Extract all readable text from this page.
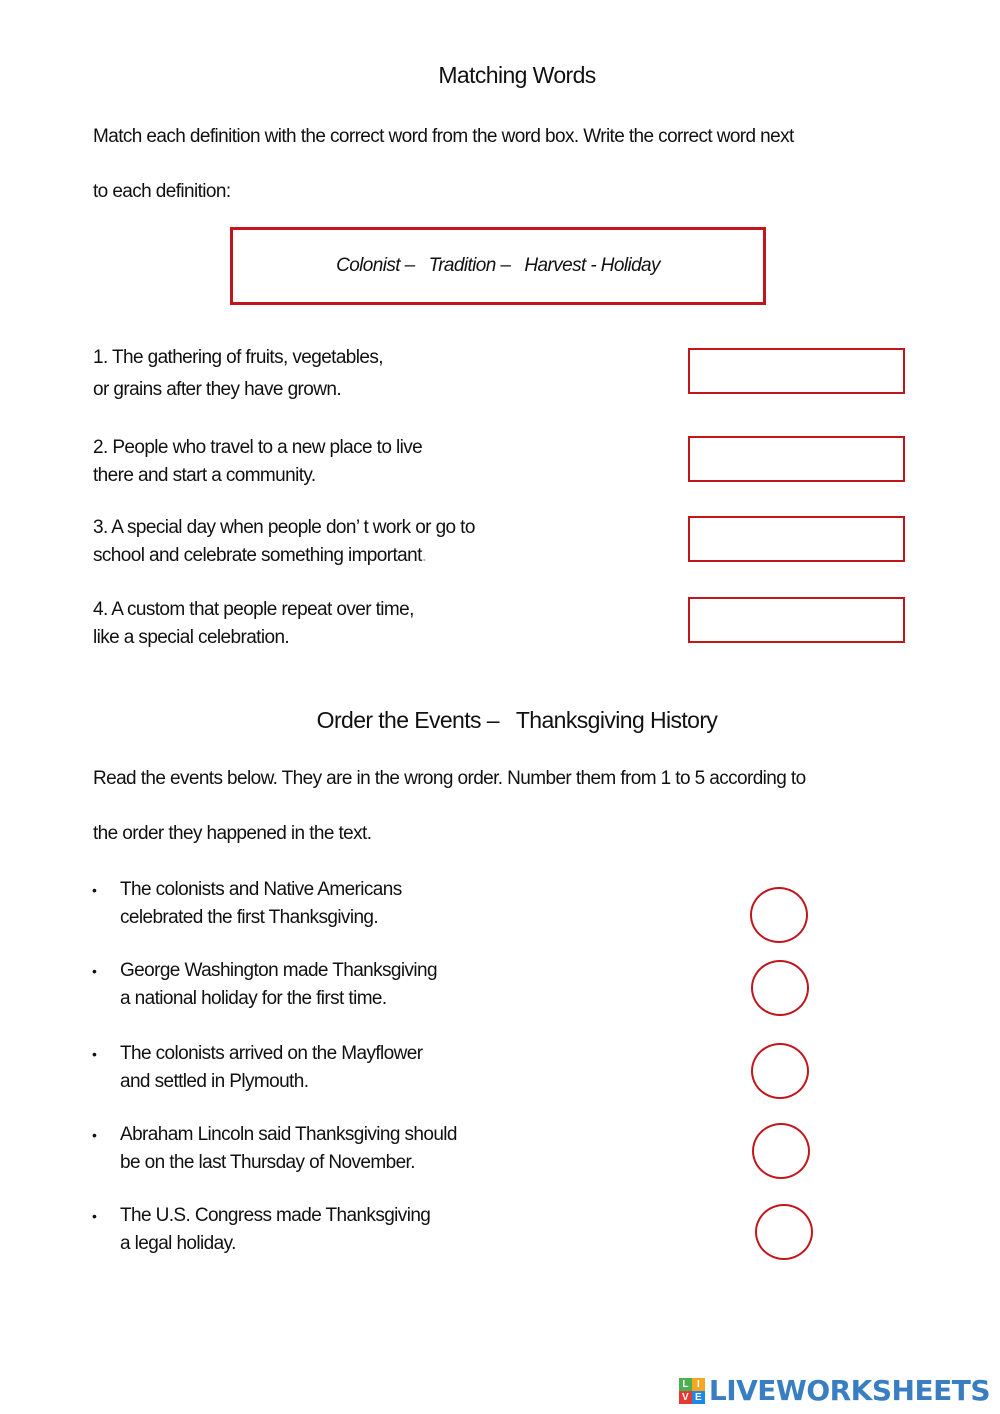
Matching Words
Match each definition with the correct word from the word box. Write the correct word next
to each definition:
Colonist –   Tradition –   Harvest - Holiday
1. The gathering of fruits, vegetables,
or grains after they have grown.
2. People who travel to a new place to live
there and start a community.
3. A special day when people don’ t work or go to
school and celebrate something important.
4. A custom that people repeat over time,
like a special celebration.
Order the Events –   Thanksgiving History
Read the events below. They are in the wrong order. Number them from 1 to 5 according to
the order they happened in the text.
•	The colonists and Native Americans
celebrated the first Thanksgiving.
•	George Washington made Thanksgiving
a national holiday for the first time.
•	The colonists arrived on the Mayflower
and settled in Plymouth.
•	Abraham Lincoln said Thanksgiving should
be on the last Thursday of November.
•	The U.S. Congress made Thanksgiving
a legal holiday.
L I
V E LIVEWORKSHEETS
